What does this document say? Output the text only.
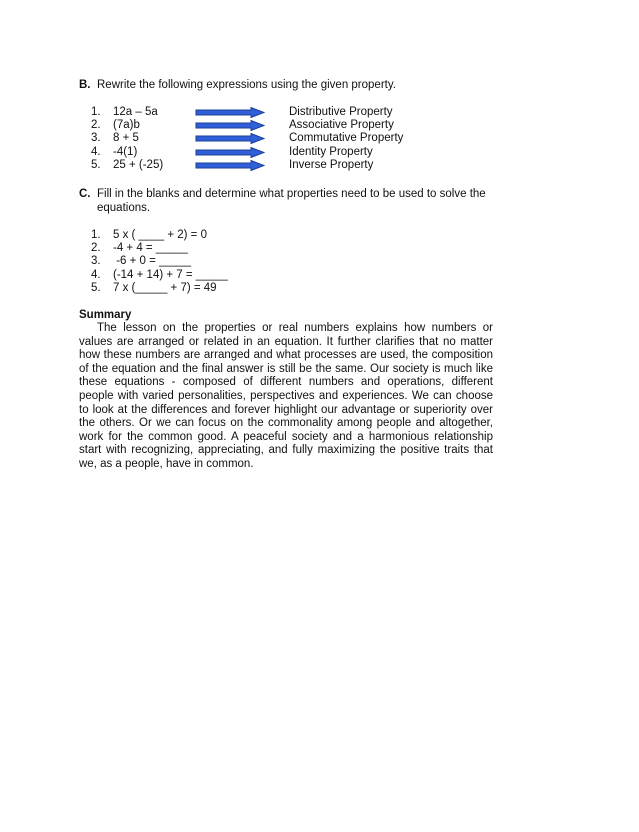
B. Rewrite the following expressions using the given property.
1.	12a – 5a	Distributive Property
2.	(7a)b	Associative Property
3.	8 + 5	Commutative Property
4.	-4(1)	Identity Property
5.	25 + (-25)	Inverse Property
C. Fill in the blanks and determine what properties need to be used to solve the equations.
1.	5 x ( ____ + 2) = 0
2.	-4 + 4 = _____
3.	-6 + 0 = _____
4.	(-14 + 14) + 7 = _____
5.	7 x (_____ + 7) = 49
Summary

The lesson on the properties or real numbers explains how numbers or values are arranged or related in an equation. It further clarifies that no matter how these numbers are arranged and what processes are used, the composition of the equation and the final answer is still be the same. Our society is much like these equations - composed of different numbers and operations, different people with varied personalities, perspectives and experiences. We can choose to look at the differences and forever highlight our advantage or superiority over the others. Or we can focus on the commonality among people and altogether, work for the common good. A peaceful society and a harmonious relationship start with recognizing, appreciating, and fully maximizing the positive traits that we, as a people, have in common.
